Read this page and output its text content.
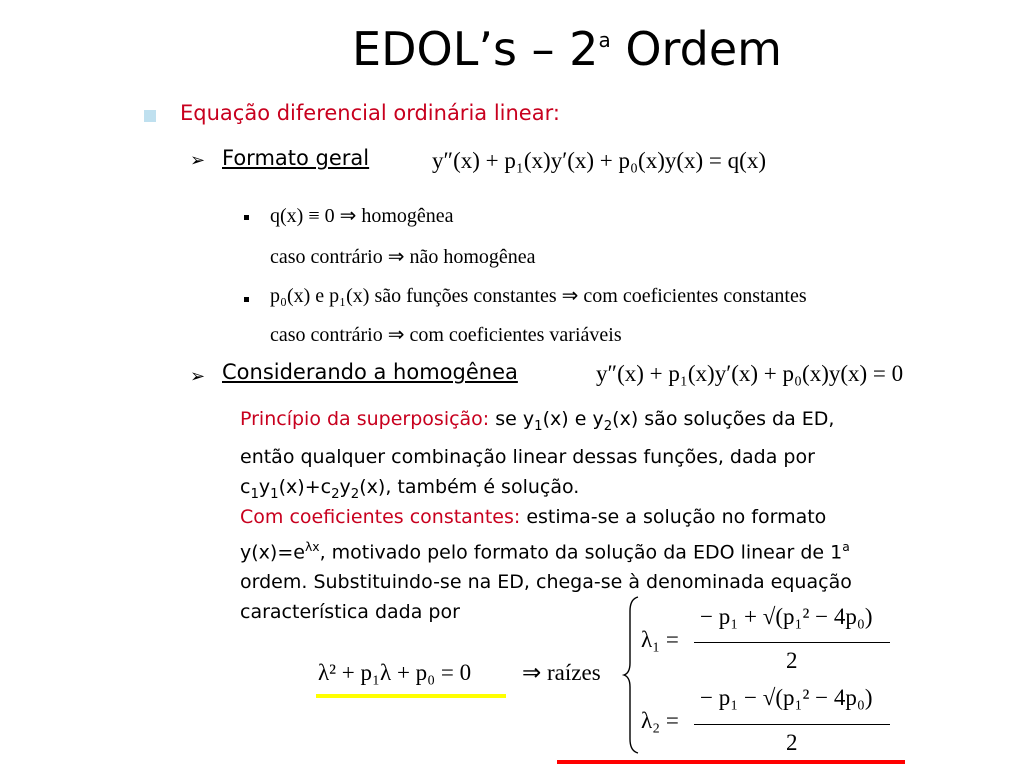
EDOL’s – 2$^a$ Ordem
Equação diferencial ordinária linear:
➢ Formato geral	y″(x) + p₁(x)y′(x) + p₀(x)y(x) = q(x)
q(x) ≡ 0 ⇒ homogênea
caso contrário ⇒ não homogênea
p₀(x) e p₁(x) são funções constantes ⇒ com coeficientes constantes
caso contrário ⇒ com coeficientes variáveis
➢ Considerando a homogênea	y″(x) + p₁(x)y′(x) + p₀(x)y(x) = 0
Princípio da superposição: se $y_1(x)$ e $y_2(x)$ são soluções da ED,
então qualquer combinação linear dessas funções, dada por
$c_1y_1(x)+c_2y_2(x)$, também é solução.
Com coeficientes constantes: estima-se a solução no formato
$y(x)=e^{\lambda x}$, motivado pelo formato da solução da EDO linear de 1$^a$
ordem. Substituindo-se na ED, chega-se à denominada equação
característica dada por
λ² + p₁λ + p₀ = 0 ⇒ raízes
λ₁ =
− p₁ + √(p₁² − 4p₀)
2
λ₂ =
− p₁ − √(p₁² − 4p₀)
2
